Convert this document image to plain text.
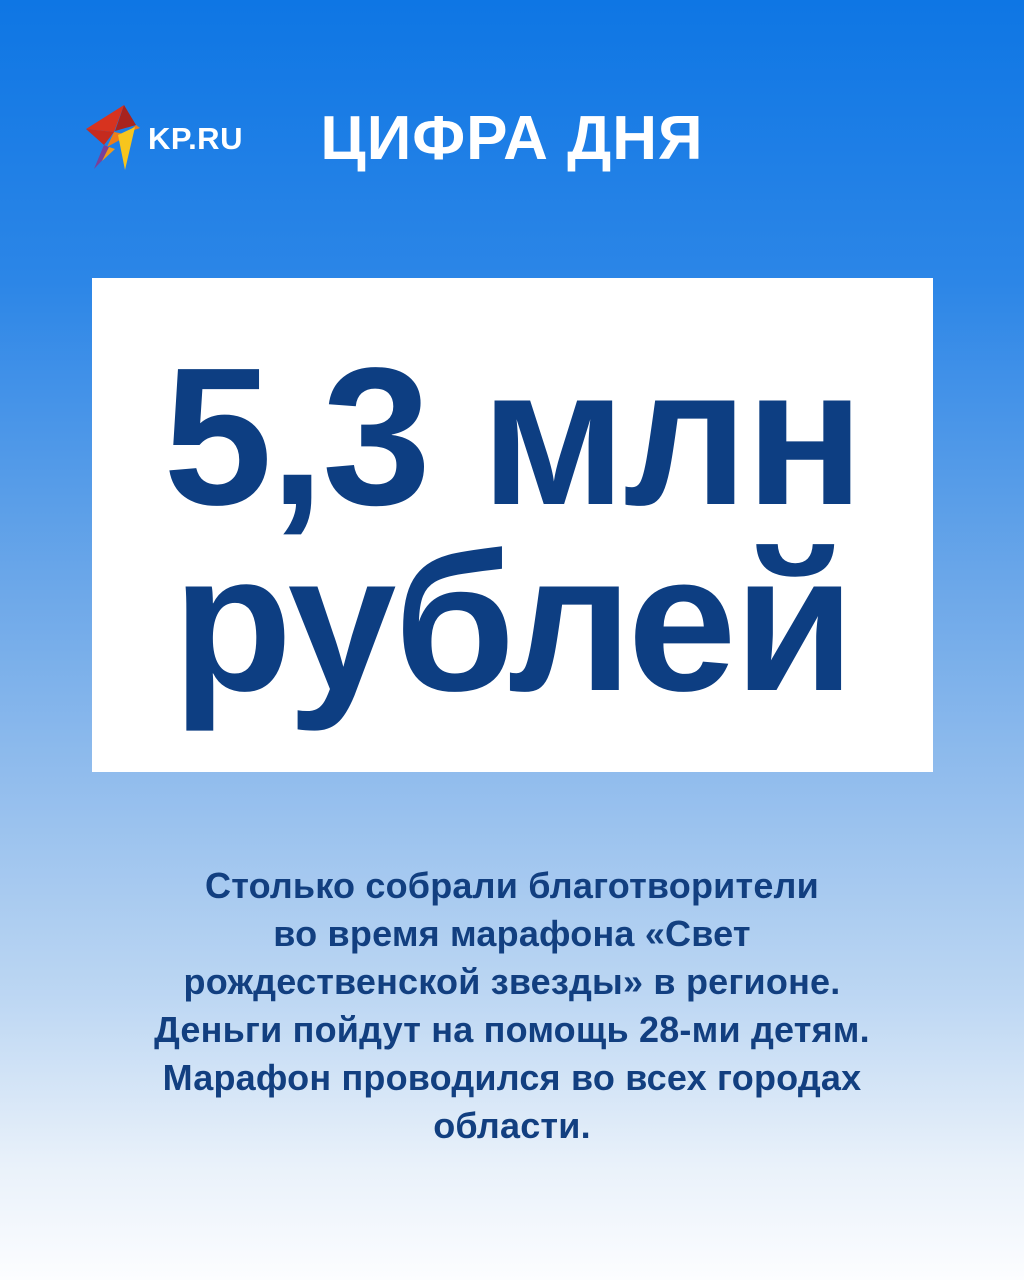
KP.RU	ЦИФРА ДНЯ
5,3 млн
рублей
Столько собрали благотворители
во время марафона «Свет
рождественской звезды» в регионе.
Деньги пойдут на помощь 28-ми детям.
Марафон проводился во всех городах
области.
